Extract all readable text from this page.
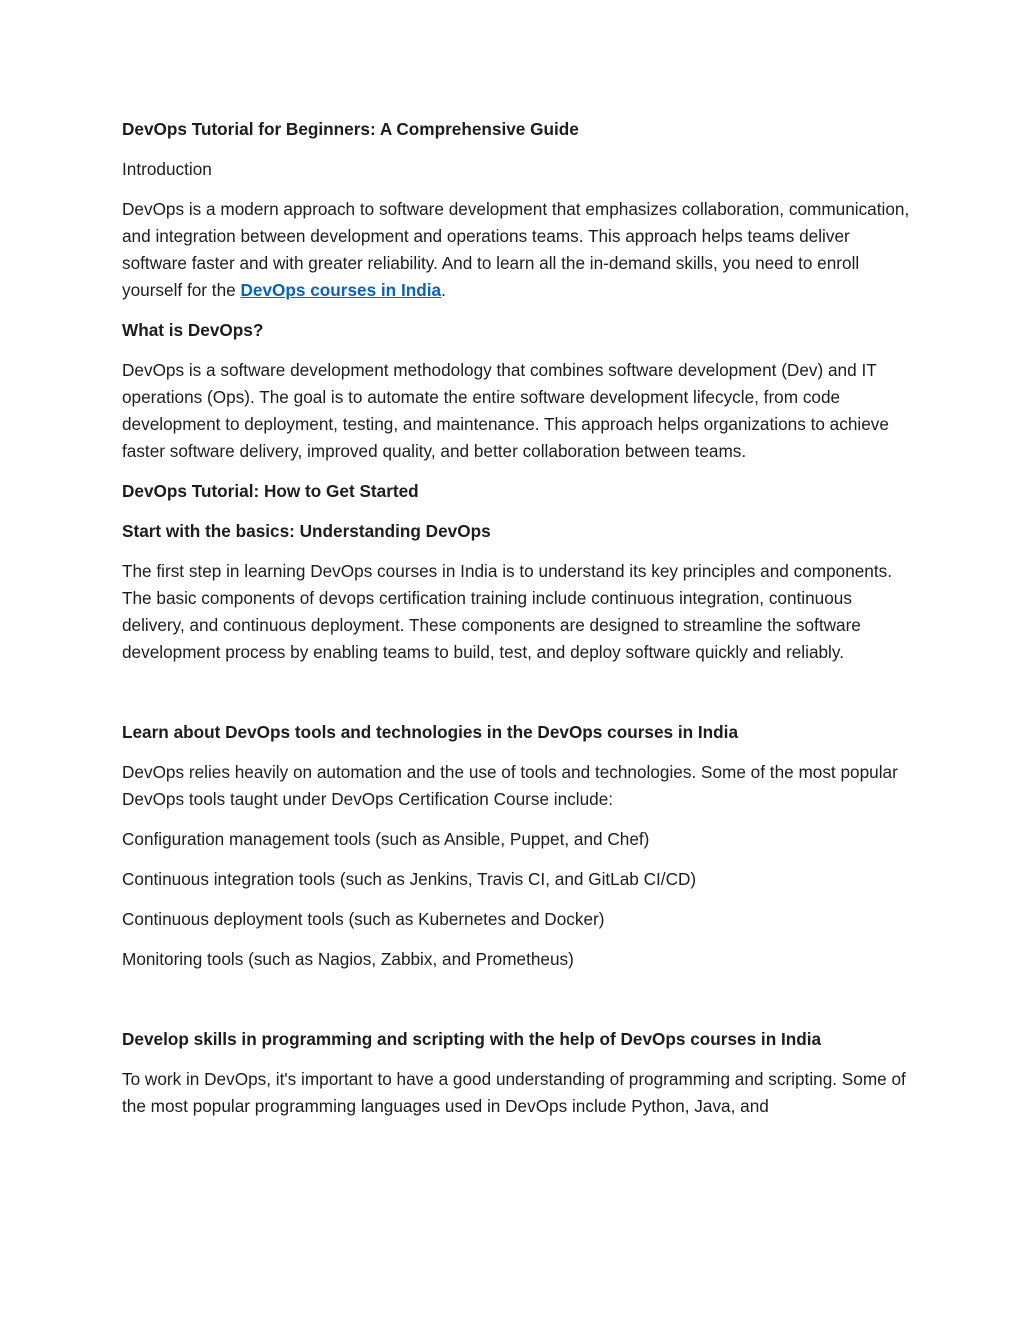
DevOps Tutorial for Beginners: A Comprehensive Guide

Introduction

DevOps is a modern approach to software development that emphasizes collaboration, communication, and integration between development and operations teams. This approach helps teams deliver software faster and with greater reliability. And to learn all the in-demand skills, you need to enroll yourself for the DevOps courses in India.

What is DevOps?

DevOps is a software development methodology that combines software development (Dev) and IT operations (Ops). The goal is to automate the entire software development lifecycle, from code development to deployment, testing, and maintenance. This approach helps organizations to achieve faster software delivery, improved quality, and better collaboration between teams.

DevOps Tutorial: How to Get Started

Start with the basics: Understanding DevOps

The first step in learning DevOps courses in India is to understand its key principles and components. The basic components of devops certification training include continuous integration, continuous delivery, and continuous deployment. These components are designed to streamline the software development process by enabling teams to build, test, and deploy software quickly and reliably.

Learn about DevOps tools and technologies in the DevOps courses in India

DevOps relies heavily on automation and the use of tools and technologies. Some of the most popular DevOps tools taught under DevOps Certification Course include:

Configuration management tools (such as Ansible, Puppet, and Chef)

Continuous integration tools (such as Jenkins, Travis CI, and GitLab CI/CD)

Continuous deployment tools (such as Kubernetes and Docker)

Monitoring tools (such as Nagios, Zabbix, and Prometheus)

Develop skills in programming and scripting with the help of DevOps courses in India

To work in DevOps, it's important to have a good understanding of programming and scripting. Some of the most popular programming languages used in DevOps include Python, Java, and
